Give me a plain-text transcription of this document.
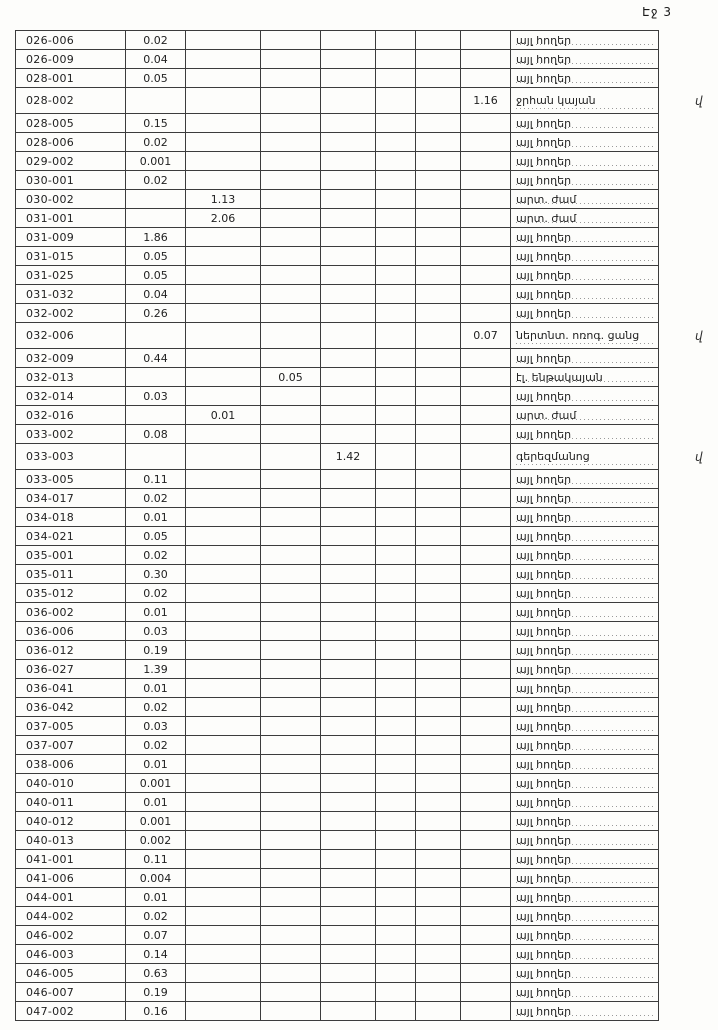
Էջ 3
026-006	0.02							այլ հողեր	
026-009	0.04							այլ հողեր	
028-001	0.05							այլ հողեր	
028-002							1.16	ջրհան կայան	վ
028-005	0.15							այլ հողեր	
028-006	0.02							այլ հողեր	
029-002	0.001							այլ հողեր	
030-001	0.02							այլ հողեր	
030-002		1.13						արտ. ժամ	
031-001		2.06						արտ. ժամ	
031-009	1.86							այլ հողեր	
031-015	0.05							այլ հողեր	
031-025	0.05							այլ հողեր	
031-032	0.04							այլ հողեր	
032-002	0.26							այլ հողեր	
032-006							0.07	ներտնտ. ոռոգ. ցանց	վ
032-009	0.44							այլ հողեր	
032-013			0.05					էլ. ենթակայան	
032-014	0.03							այլ հողեր	
032-016		0.01						արտ. ժամ	
033-002	0.08							այլ հողեր	
033-003				1.42				գերեզմանոց	վ
033-005	0.11							այլ հողեր	
034-017	0.02							այլ հողեր	
034-018	0.01							այլ հողեր	
034-021	0.05							այլ հողեր	
035-001	0.02							այլ հողեր	
035-011	0.30							այլ հողեր	
035-012	0.02							այլ հողեր	
036-002	0.01							այլ հողեր	
036-006	0.03							այլ հողեր	
036-012	0.19							այլ հողեր	
036-027	1.39							այլ հողեր	
036-041	0.01							այլ հողեր	
036-042	0.02							այլ հողեր	
037-005	0.03							այլ հողեր	
037-007	0.02							այլ հողեր	
038-006	0.01							այլ հողեր	
040-010	0.001							այլ հողեր	
040-011	0.01							այլ հողեր	
040-012	0.001							այլ հողեր	
040-013	0.002							այլ հողեր	
041-001	0.11							այլ հողեր	
041-006	0.004							այլ հողեր	
044-001	0.01							այլ հողեր	
044-002	0.02							այլ հողեր	
046-002	0.07							այլ հողեր	
046-003	0.14							այլ հողեր	
046-005	0.63							այլ հողեր	
046-007	0.19							այլ հողեր	
047-002	0.16							այլ հողեր	
